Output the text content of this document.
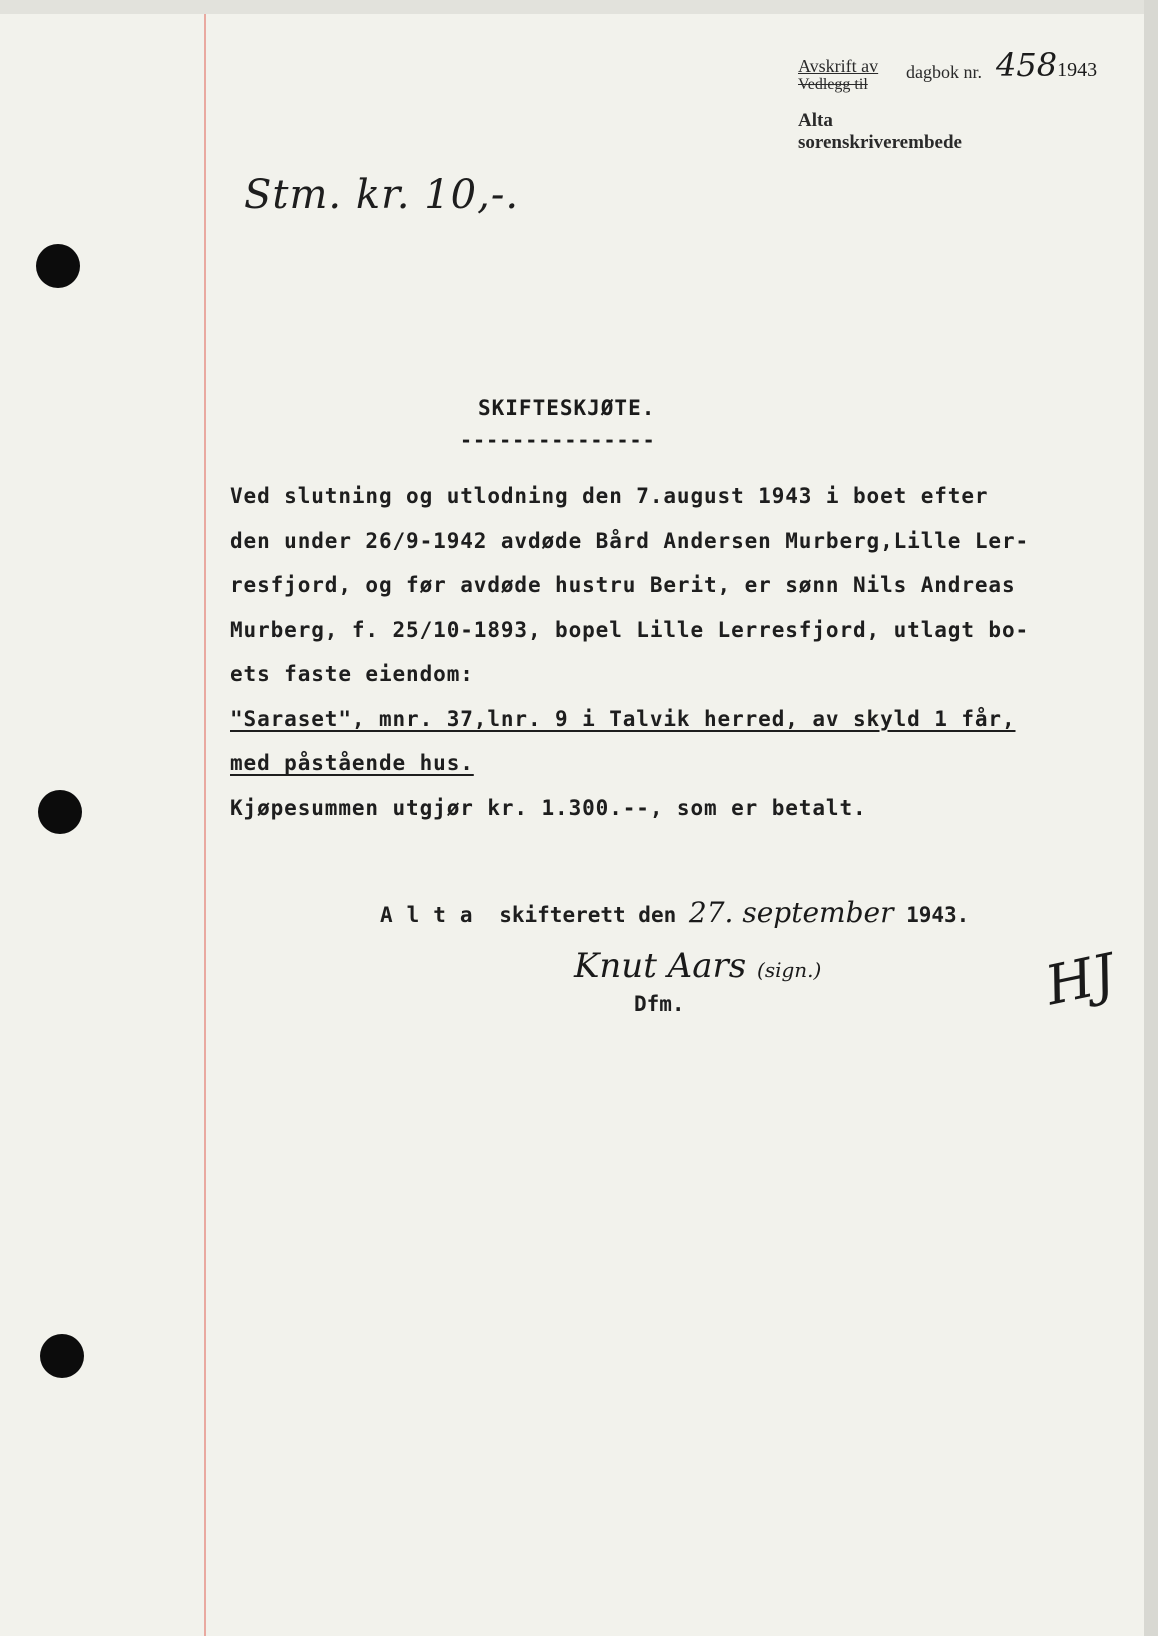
Avskrift av
Vedlegg til
dagbok nr. 4581943
Alta sorenskriverembede
Stm. kr. 10,-.
SKIFTESKJØTE.
---------------
Ved slutning og utlodning den 7.august 1943 i boet efter
den under 26/9-1942 avdøde Bård Andersen Murberg,Lille Ler-
resfjord, og før avdøde hustru Berit, er sønn Nils Andreas
Murberg, f. 25/10-1893, bopel Lille Lerresfjord, utlagt bo-
ets faste eiendom:
"Saraset", mnr. 37,lnr. 9 i Talvik herred, av skyld 1 får,
med påstående hus.
Kjøpesummen utgjør kr. 1.300.--, som er betalt.
Alta skifterett den 27. september 1943.
Knut Aars (sign.)
Dfm.	HJ
